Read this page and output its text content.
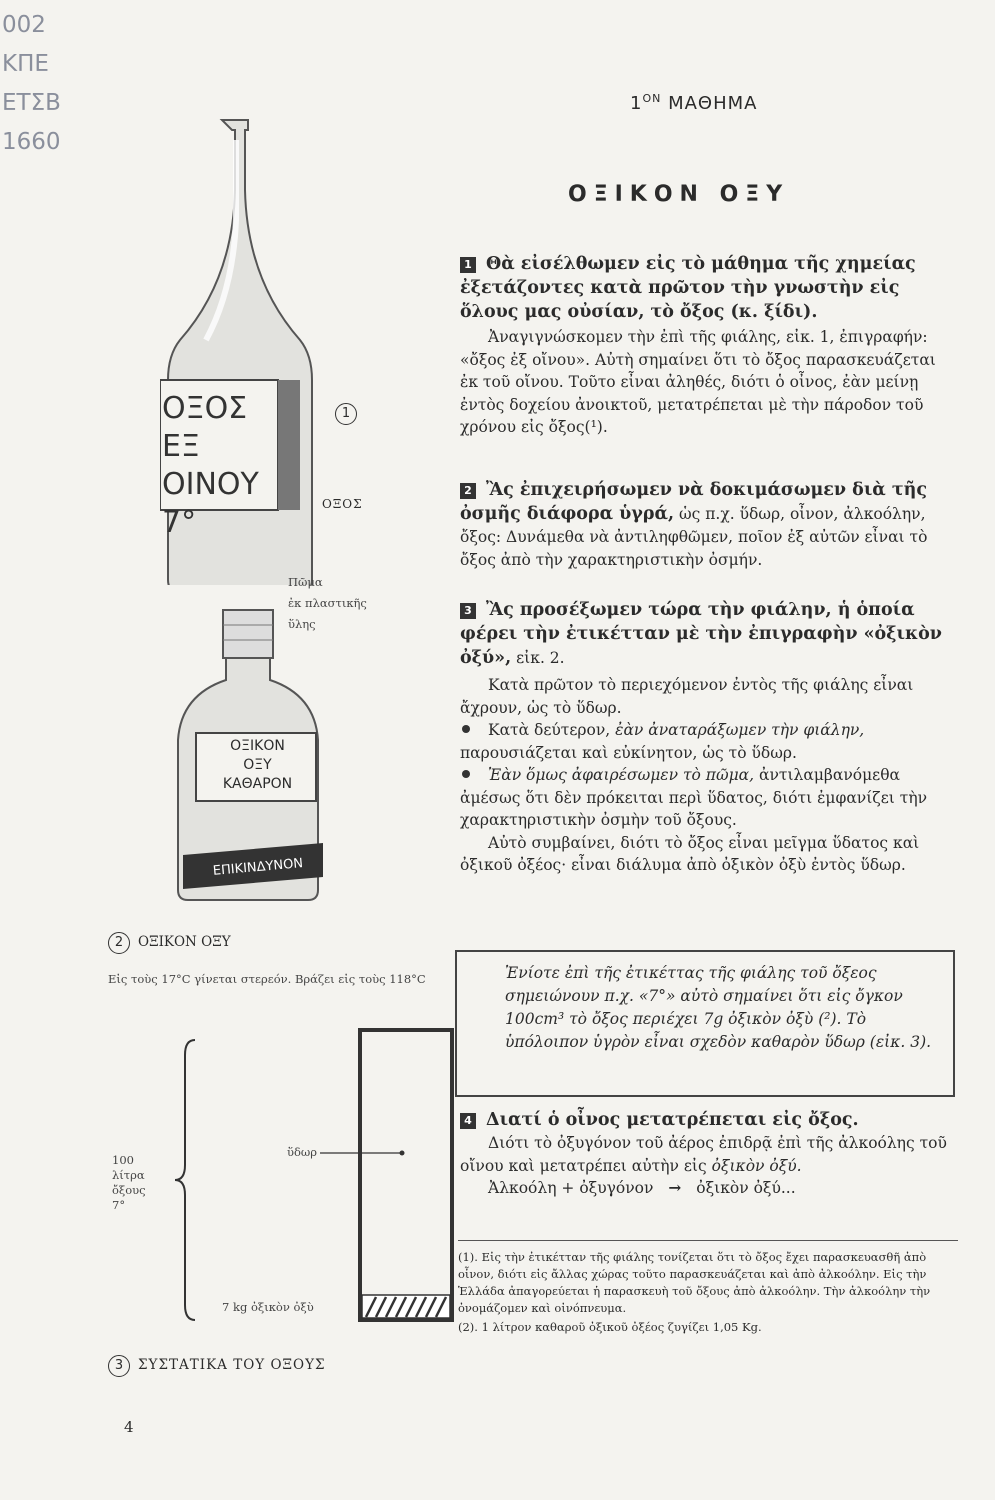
002
ΚΠΕ
ΕΤΣΒ
1660
$1^{ON}$ ΜΑΘΗΜΑ
ΟΞΙΚΟΝ ΟΞΥ

1 Θὰ εἰσέλθωμεν εἰς τὸ μάθημα τῆς χημείας ἐξετάζοντες κατὰ πρῶτον τὴν γνωστὴν εἰς ὅλους μας οὐσίαν, τὸ ὄξος (κ. ξίδι).

Ἀναγιγνώσκομεν τὴν ἐπὶ τῆς φιάλης, εἰκ. 1, ἐπιγραφήν: «ὄξος ἐξ οἴνου». Αὐτὴ σημαίνει ὅτι τὸ ὄξος παρασκευάζεται ἐκ τοῦ οἴνου. Τοῦτο εἶναι ἀληθές, διότι ὁ οἶνος, ἐὰν μείνῃ ἐντὸς δοχείου ἀνοικτοῦ, μετατρέπεται μὲ τὴν πάροδον τοῦ χρόνου εἰς ὄξος(¹).

2 Ἂς ἐπιχειρήσωμεν νὰ δοκιμάσωμεν διὰ τῆς ὀσμῆς διάφορα ὑγρά, ὡς π.χ. ὕδωρ, οἶνον, ἀλκοόλην, ὄξος: Δυνάμεθα νὰ ἀντιληφθῶμεν, ποῖον ἐξ αὐτῶν εἶναι τὸ ὄξος ἀπὸ τὴν χαρακτηριστικὴν ὀσμήν.

3 Ἂς προσέξωμεν τώρα τὴν φιάλην, ἡ ὁποία φέρει τὴν ἐτικέτταν μὲ τὴν ἐπιγραφὴν «ὀξικὸν ὀξύ», εἰκ. 2.

Κατὰ πρῶτον τὸ περιεχόμενον ἐντὸς τῆς φιάλης εἶναι ἄχρουν, ὡς τὸ ὕδωρ.

Κατὰ δεύτερον, ἐὰν ἀναταράξωμεν τὴν φιάλην, παρουσιάζεται καὶ εὐκίνητον, ὡς τὸ ὕδωρ.

Ἐὰν ὅμως ἀφαιρέσωμεν τὸ πῶμα, ἀντιλαμβανόμεθα ἀμέσως ὅτι δὲν πρόκειται περὶ ὕδατος, διότι ἐμφανίζει τὴν χαρακτηριστικὴν ὀσμὴν τοῦ ὄξους.

Αὐτὸ συμβαίνει, διότι τὸ ὄξος εἶναι μεῖγμα ὕδατος καὶ ὀξικοῦ ὀξέος· εἶναι διάλυμα ἀπὸ ὀξικὸν ὀξὺ ἐντὸς ὕδωρ.

Ἐνίοτε ἐπὶ τῆς ἐτικέττας τῆς φιάλης τοῦ ὄξεος σημειώνουν π.χ. «7°» αὐτὸ σημαίνει ὅτι εἰς ὄγκον 100cm³ τὸ ὄξος περιέχει 7g ὀξικὸν ὀξὺ (²). Τὸ ὑπόλοιπον ὑγρὸν εἶναι σχεδὸν καθαρὸν ὕδωρ (εἰκ. 3).

4 Διατί ὁ οἶνος μετατρέπεται εἰς ὄξος.

Διότι τὸ ὀξυγόνον τοῦ ἀέρος ἐπιδρᾷ ἐπὶ τῆς ἀλκοόλης τοῦ οἴνου καὶ μετατρέπει αὐτὴν εἰς ὀξικὸν ὀξύ.

Ἀλκοόλη + ὀξυγόνον → ὀξικὸν ὀξύ...

(1). Εἰς τὴν ἐτικέτταν τῆς φιάλης τονίζεται ὅτι τὸ ὄξος ἔχει παρασκευασθῆ ἀπὸ οἶνον, διότι εἰς ἄλλας χώρας τοῦτο παρασκευάζεται καὶ ἀπὸ ἀλκοόλην. Εἰς τὴν Ἑλλάδα ἀπαγορεύεται ἡ παρασκευὴ τοῦ ὄξους ἀπὸ ἀλκοόλην. Τὴν ἀλκοόλην τὴν ὀνομάζομεν καὶ οἰνόπνευμα.

(2). 1 λίτρον καθαροῦ ὀξικοῦ ὀξέος ζυγίζει 1,05 Kg.

ΟΞΟΣ ΕΞ
ΟΙΝΟΥ
7°
1
ΟΞΟΣ
Πῶμα
ἐκ πλαστικῆς
ὕλης
ΟΞΙΚΟΝ
ΟΞΥ
ΚΑΘΑΡΟΝ
ΕΠΙΚΙΝΔΥΝΟΝ
2 ΟΞΙΚΟΝ ΟΞΥ
Εἰς τοὺς 17°C γίνεται στερεόν. Βράζει εἰς τοὺς 118°C
100
λίτρα
ὄξους
7°
ὕδωρ
7 kg ὀξικὸν ὀξὺ
3 ΣΥΣΤΑΤΙΚΑ ΤΟΥ ΟΞΟΥΣ
4
